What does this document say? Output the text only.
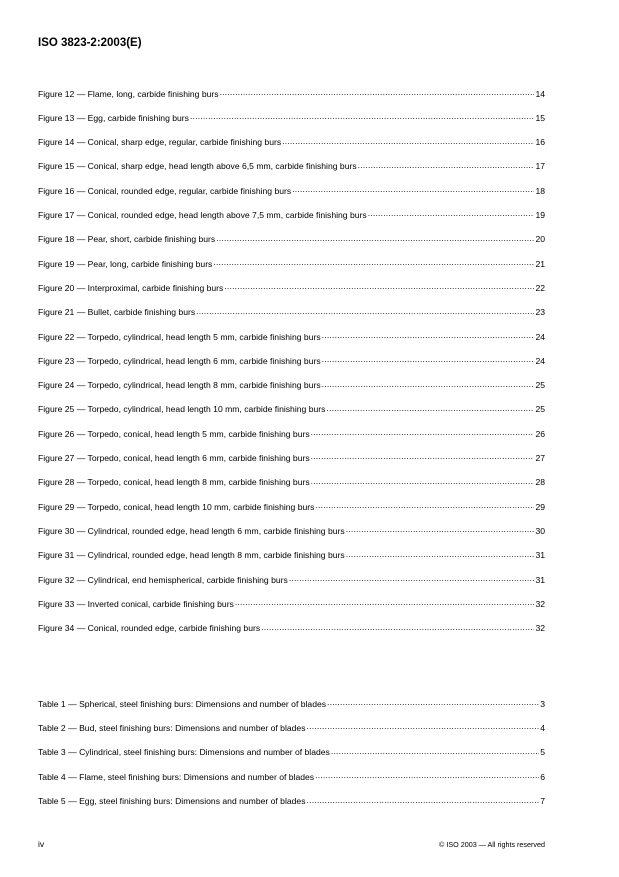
ISO 3823-2:2003(E)
Figure 12 — Flame, long, carbide finishing burs .....	14
Figure 13 — Egg, carbide finishing burs .....	15
Figure 14 — Conical, sharp edge, regular, carbide finishing burs .....	16
Figure 15 — Conical, sharp edge, head length above 6,5 mm, carbide finishing burs .....	17
Figure 16 — Conical, rounded edge, regular, carbide finishing burs .....	18
Figure 17 — Conical, rounded edge, head length above 7,5 mm, carbide finishing burs .....	19
Figure 18 — Pear, short, carbide finishing burs .....	20
Figure 19 — Pear, long, carbide finishing burs .....	21
Figure 20 — Interproximal, carbide finishing burs .....	22
Figure 21 — Bullet, carbide finishing burs .....	23
Figure 22 — Torpedo, cylindrical, head length 5 mm, carbide finishing burs .....	24
Figure 23 — Torpedo, cylindrical, head length 6 mm, carbide finishing burs .....	24
Figure 24 — Torpedo, cylindrical, head length 8 mm, carbide finishing burs .....	25
Figure 25 — Torpedo, cylindrical, head length 10 mm, carbide finishing burs .....	25
Figure 26 — Torpedo, conical, head length 5 mm, carbide finishing burs .....	26
Figure 27 — Torpedo, conical, head length 6 mm, carbide finishing burs .....	27
Figure 28 — Torpedo, conical, head length 8 mm, carbide finishing burs .....	28
Figure 29 — Torpedo, conical, head length 10 mm, carbide finishing burs .....	29
Figure 30 — Cylindrical, rounded edge, head length 6 mm, carbide finishing burs .....	30
Figure 31 — Cylindrical, rounded edge, head length 8 mm, carbide finishing burs .....	31
Figure 32 — Cylindrical, end hemispherical, carbide finishing burs .....	31
Figure 33 — Inverted conical, carbide finishing burs .....	32
Figure 34 — Conical, rounded edge, carbide finishing burs .....	32
Table 1 — Spherical, steel finishing burs: Dimensions and number of blades .....	3
Table 2 — Bud, steel finishing burs: Dimensions and number of blades .....	4
Table 3 — Cylindrical, steel finishing burs: Dimensions and number of blades .....	5
Table 4 — Flame, steel finishing burs: Dimensions and number of blades .....	6
Table 5 — Egg, steel finishing burs: Dimensions and number of blades .....	7
iv	© ISO 2003 — All rights reserved
